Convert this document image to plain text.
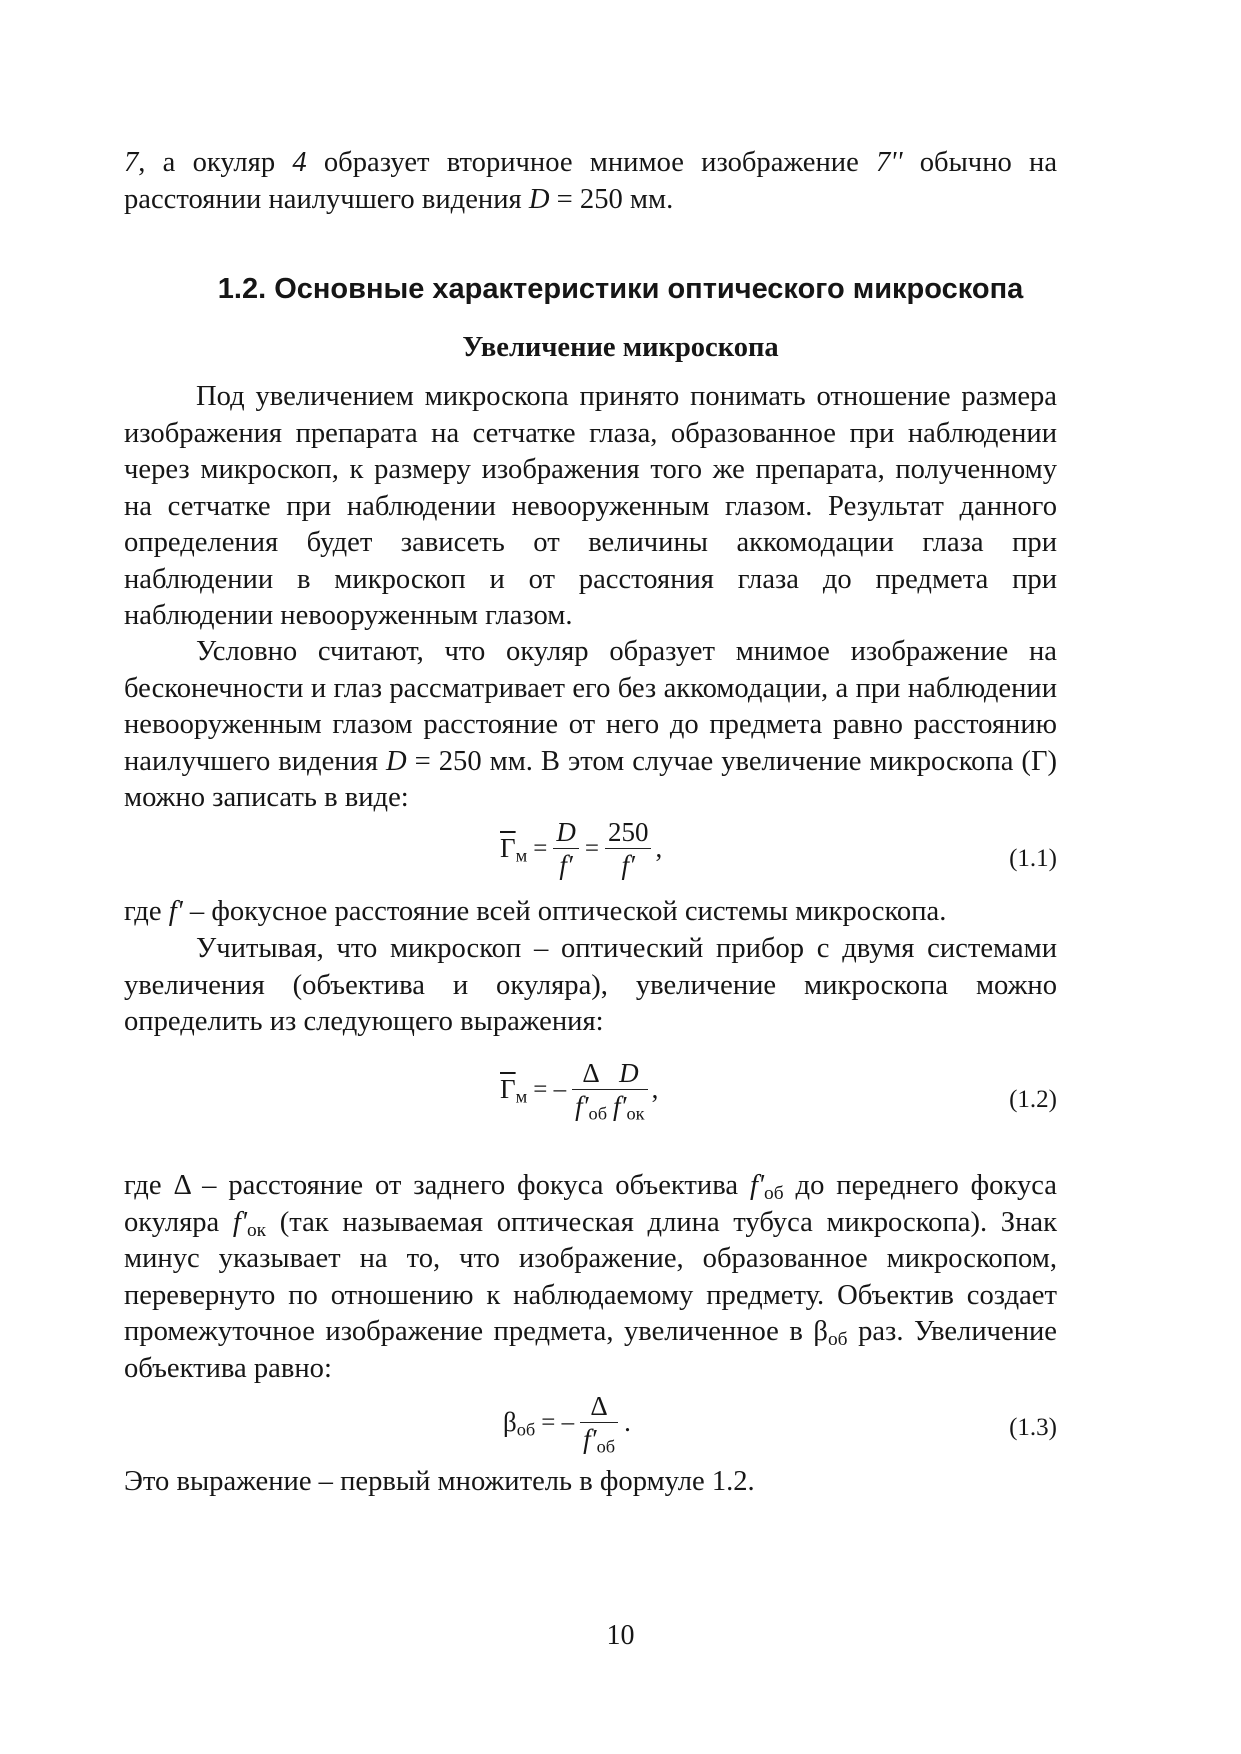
7, а окуляр 4 образует вторичное мнимое изображение 7'' обычно на расстоянии наилучшего видения D = 250 мм.

1.2. Основные характеристики оптического микроскопа
Увеличение микроскопа

Под увеличением микроскопа принято понимать отношение размера изображения препарата на сетчатке глаза, образованное при наблюдении через микроскоп, к размеру изображения того же препарата, полученному на сетчатке при наблюдении невооруженным глазом. Результат данного определения будет зависеть от величины аккомодации глаза при наблюдении в микроскоп и от расстояния глаза до предмета при наблюдении невооруженным глазом.

Условно считают, что окуляр образует мнимое изображение на бесконечности и глаз рассматривает его без аккомодации, а при наблюдении невооруженным глазом расстояние от него до предмета равно расстоянию наилучшего видения D = 250 мм. В этом случае увеличение микроскопа (Г) можно записать в виде:

$Г_м = \frac{D}{f'} = \frac{250}{f'}$ ,	(1.1)

где f' – фокусное расстояние всей оптической системы микроскопа.

Учитывая, что микроскоп – оптический прибор с двумя системами увеличения (объектива и окуляра), увеличение микроскопа можно определить из следующего выражения:

$Г_м$ = – $\frac{\Delta}{f'_{об}} \frac{D}{f'_{ок}}$ ,	(1.2)

где Δ – расстояние от заднего фокуса объектива $f'_{об}$ до переднего фокуса окуляра $f'_{ок}$ (так называемая оптическая длина тубуса микроскопа). Знак минус указывает на то, что изображение, образованное микроскопом, перевернуто по отношению к наблюдаемому предмету. Объектив создает промежуточное изображение предмета, увеличенное в $\beta_{об}$ раз. Увеличение объектива равно:

$\beta_{об}$ = – $\frac{\Delta}{f'_{об}}$ .	(1.3)

Это выражение – первый множитель в формуле 1.2.

10
